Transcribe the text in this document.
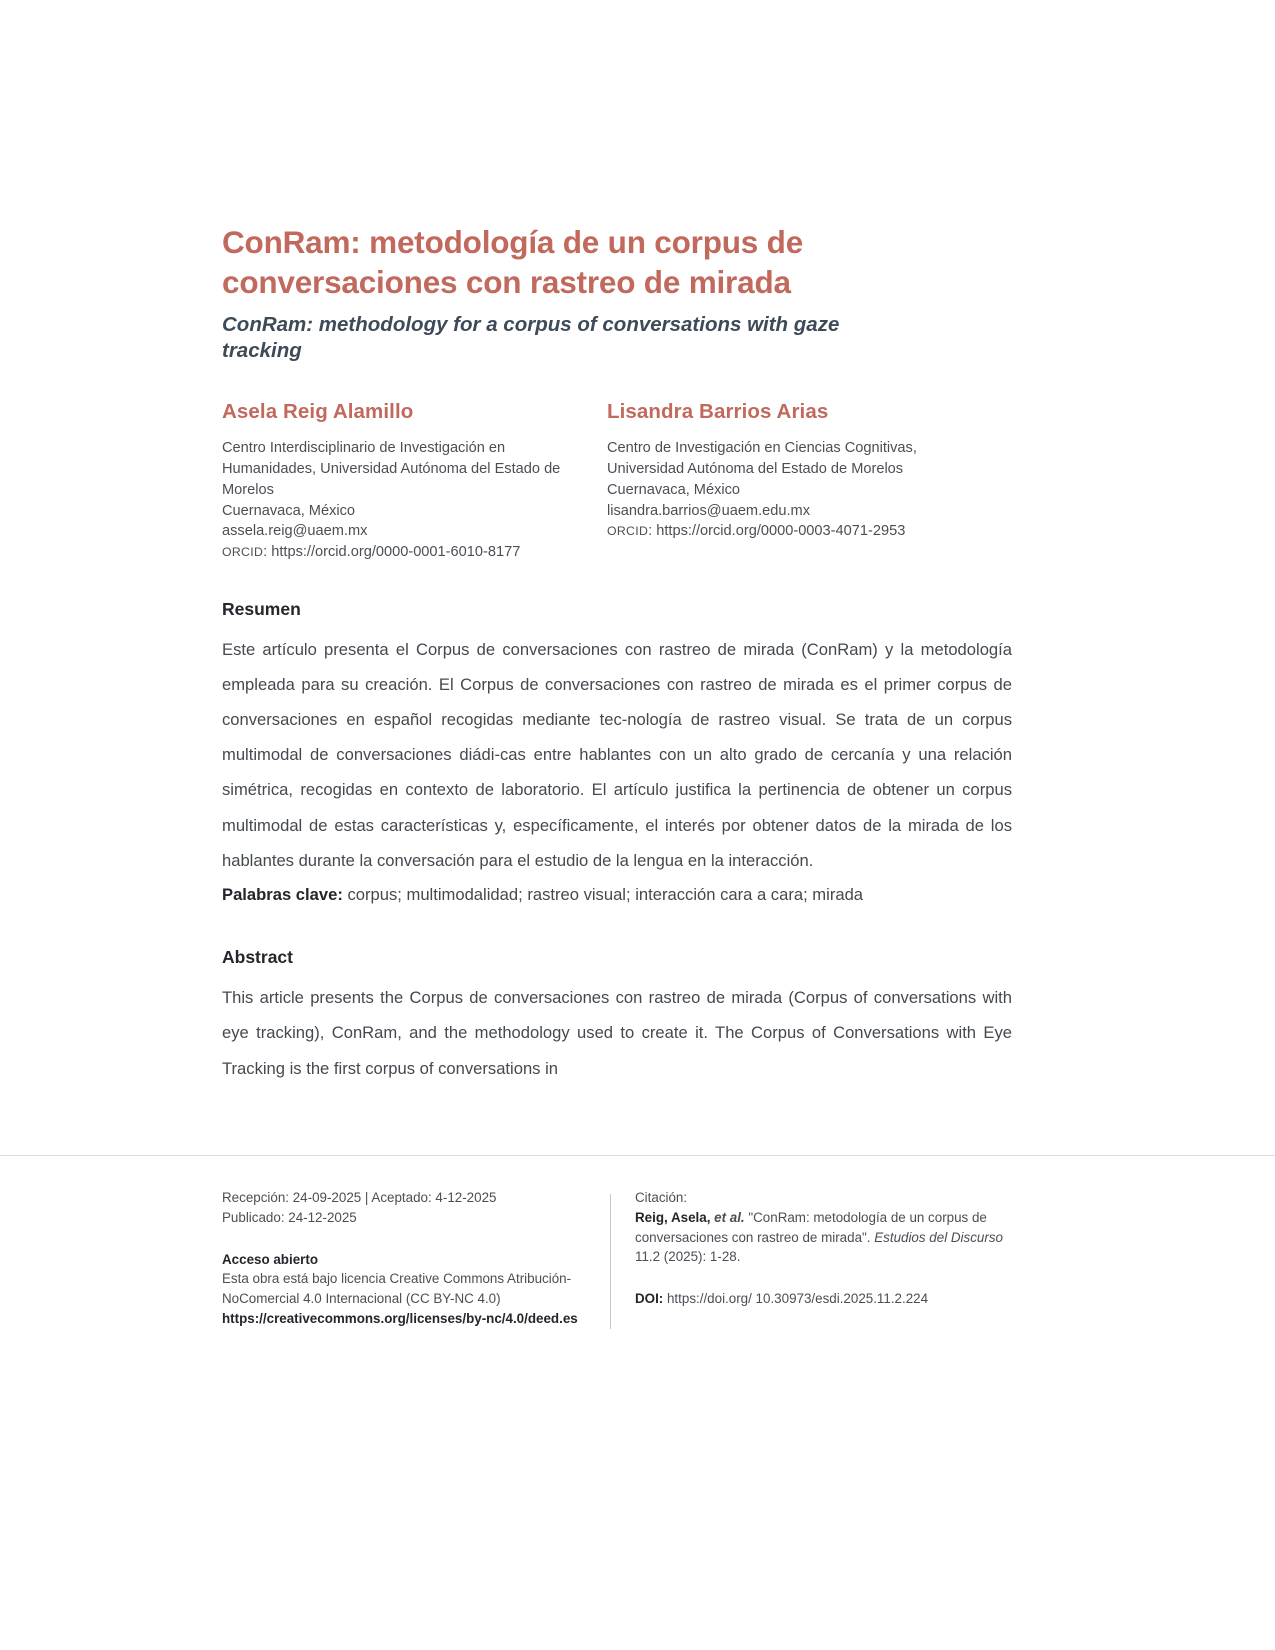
ConRam: metodología de un corpus de conversaciones con rastreo de mirada
ConRam: methodology for a corpus of conversations with gaze tracking
Asela Reig Alamillo

Centro Interdisciplinario de Investigación en Humanidades, Universidad Autónoma del Estado de Morelos

Cuernavaca, México

assela.reig@uaem.mx

ORCID: https://orcid.org/0000-0001-6010-8177

Lisandra Barrios Arias

Centro de Investigación en Ciencias Cognitivas, Universidad Autónoma del Estado de Morelos

Cuernavaca, México

lisandra.barrios@uaem.edu.mx

ORCID: https://orcid.org/0000-0003-4071-2953

Resumen

Este artículo presenta el Corpus de conversaciones con rastreo de mirada (ConRam) y la metodología empleada para su creación. El Corpus de conversaciones con rastreo de mirada es el primer corpus de conversaciones en español recogidas mediante tec-nología de rastreo visual. Se trata de un corpus multimodal de conversaciones diádi-cas entre hablantes con un alto grado de cercanía y una relación simétrica, recogidas en contexto de laboratorio. El artículo justifica la pertinencia de obtener un corpus multimodal de estas características y, específicamente, el interés por obtener datos de la mirada de los hablantes durante la conversación para el estudio de la lengua en la interacción.

Palabras clave: corpus; multimodalidad; rastreo visual; interacción cara a cara; mirada

Abstract

This article presents the Corpus de conversaciones con rastreo de mirada (Corpus of conversations with eye tracking), ConRam, and the methodology used to create it. The Corpus of Conversations with Eye Tracking is the first corpus of conversations in

Recepción: 24-09-2025 | Aceptado: 4-12-2025
Publicado: 24-12-2025

Acceso abierto
Esta obra está bajo licencia Creative Commons Atribución-NoComercial 4.0 Internacional (CC BY-NC 4.0) https://creativecommons.org/licenses/by-nc/4.0/deed.es

Citación:
Reig, Asela, et al. "ConRam: metodología de un corpus de conversaciones con rastreo de mirada". Estudios del Discurso 11.2 (2025): 1-28.

DOI: https://doi.org/ 10.30973/esdi.2025.11.2.224
